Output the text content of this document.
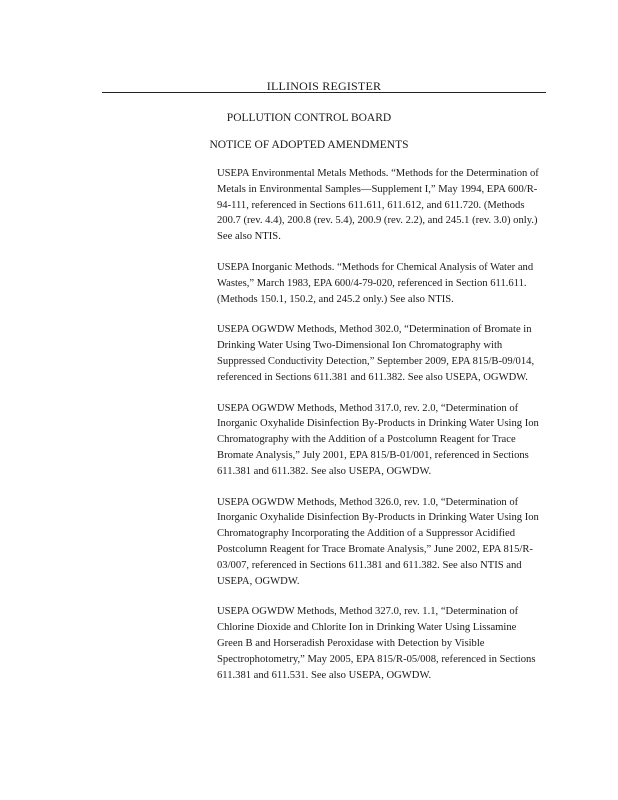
ILLINOIS REGISTER
POLLUTION CONTROL BOARD
NOTICE OF ADOPTED AMENDMENTS

USEPA Environmental Metals Methods. “Methods for the Determination of Metals in Environmental Samples—Supplement I,” May 1994, EPA 600/R-94-111, referenced in Sections 611.611, 611.612, and 611.720. (Methods 200.7 (rev. 4.4), 200.8 (rev. 5.4), 200.9 (rev. 2.2), and 245.1 (rev. 3.0) only.) See also NTIS.

USEPA Inorganic Methods. “Methods for Chemical Analysis of Water and Wastes,” March 1983, EPA 600/4-79-020, referenced in Section 611.611. (Methods 150.1, 150.2, and 245.2 only.) See also NTIS.

USEPA OGWDW Methods, Method 302.0, “Determination of Bromate in Drinking Water Using Two-Dimensional Ion Chromatography with Suppressed Conductivity Detection,” September 2009, EPA 815/B-09/014, referenced in Sections 611.381 and 611.382. See also USEPA, OGWDW.

USEPA OGWDW Methods, Method 317.0, rev. 2.0, “Determination of Inorganic Oxyhalide Disinfection By-Products in Drinking Water Using Ion Chromatography with the Addition of a Postcolumn Reagent for Trace Bromate Analysis,” July 2001, EPA 815/B-01/001, referenced in Sections 611.381 and 611.382. See also USEPA, OGWDW.

USEPA OGWDW Methods, Method 326.0, rev. 1.0, “Determination of Inorganic Oxyhalide Disinfection By-Products in Drinking Water Using Ion Chromatography Incorporating the Addition of a Suppressor Acidified Postcolumn Reagent for Trace Bromate Analysis,” June 2002, EPA 815/R-03/007, referenced in Sections 611.381 and 611.382. See also NTIS and USEPA, OGWDW.

USEPA OGWDW Methods, Method 327.0, rev. 1.1, “Determination of Chlorine Dioxide and Chlorite Ion in Drinking Water Using Lissamine Green B and Horseradish Peroxidase with Detection by Visible Spectrophotometry,” May 2005, EPA 815/R-05/008, referenced in Sections 611.381 and 611.531. See also USEPA, OGWDW.
